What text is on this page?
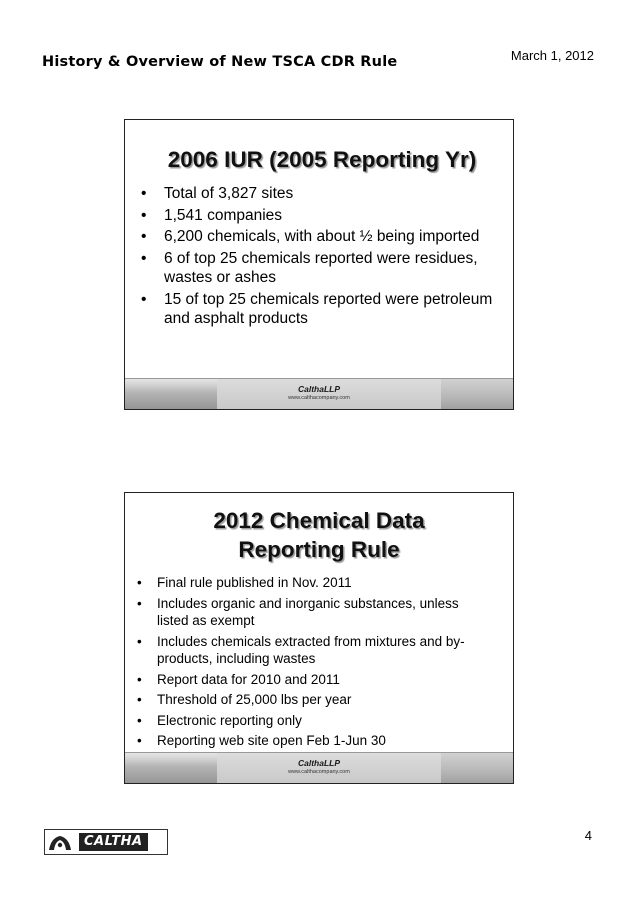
History & Overview of New TSCA CDR Rule	March 1, 2012
2006 IUR (2005 Reporting Yr)
• Total of 3,827 sites
• 1,541 companies
• 6,200 chemicals, with about ½ being imported
• 6 of top 25 chemicals reported were residues, wastes or ashes
• 15 of top 25 chemicals reported were petroleum and asphalt products
CalthaLLP
www.calthacompany.com
2012 Chemical Data Reporting Rule
• Final rule published in Nov. 2011
• Includes organic and inorganic substances, unless listed as exempt
• Includes chemicals extracted from mixtures and by-products, including wastes
• Report data for 2010 and 2011
• Threshold of 25,000 lbs per year
• Electronic reporting only
• Reporting web site open Feb 1-Jun 30
CalthaLLP
www.calthacompany.com
CALTHA	4
